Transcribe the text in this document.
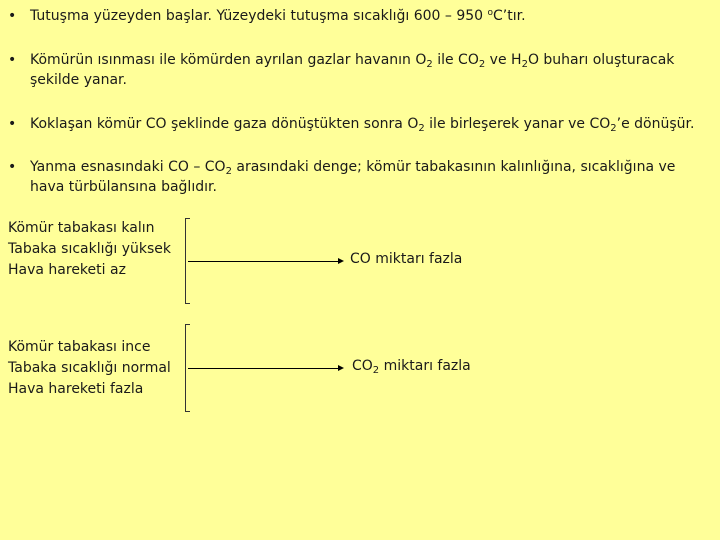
• Tutuşma yüzeyden başlar. Yüzeydeki tutuşma sıcaklığı 600 – 950 $^o$C’tır.
• Kömürün ısınması ile kömürden ayrılan gazlar havanın $O_2$ ile $CO_2$ ve $H_2O$ buharı oluşturacak
şekilde yanar.
• Koklaşan kömür CO şeklinde gaza dönüştükten sonra $O_2$ ile birleşerek yanar ve $CO_2’e$ dönüşür.
• Yanma esnasındaki CO – $CO_2$ arasındaki denge; kömür tabakasının kalınlığına, sıcaklığına ve
hava türbülansına bağlıdır.
Kömür tabakası kalın
Tabaka sıcaklığı yüksek
Hava hareketi az
CO miktarı fazla
Kömür tabakası ince
Tabaka sıcaklığı normal
Hava hareketi fazla
$CO_2$ miktarı fazla
